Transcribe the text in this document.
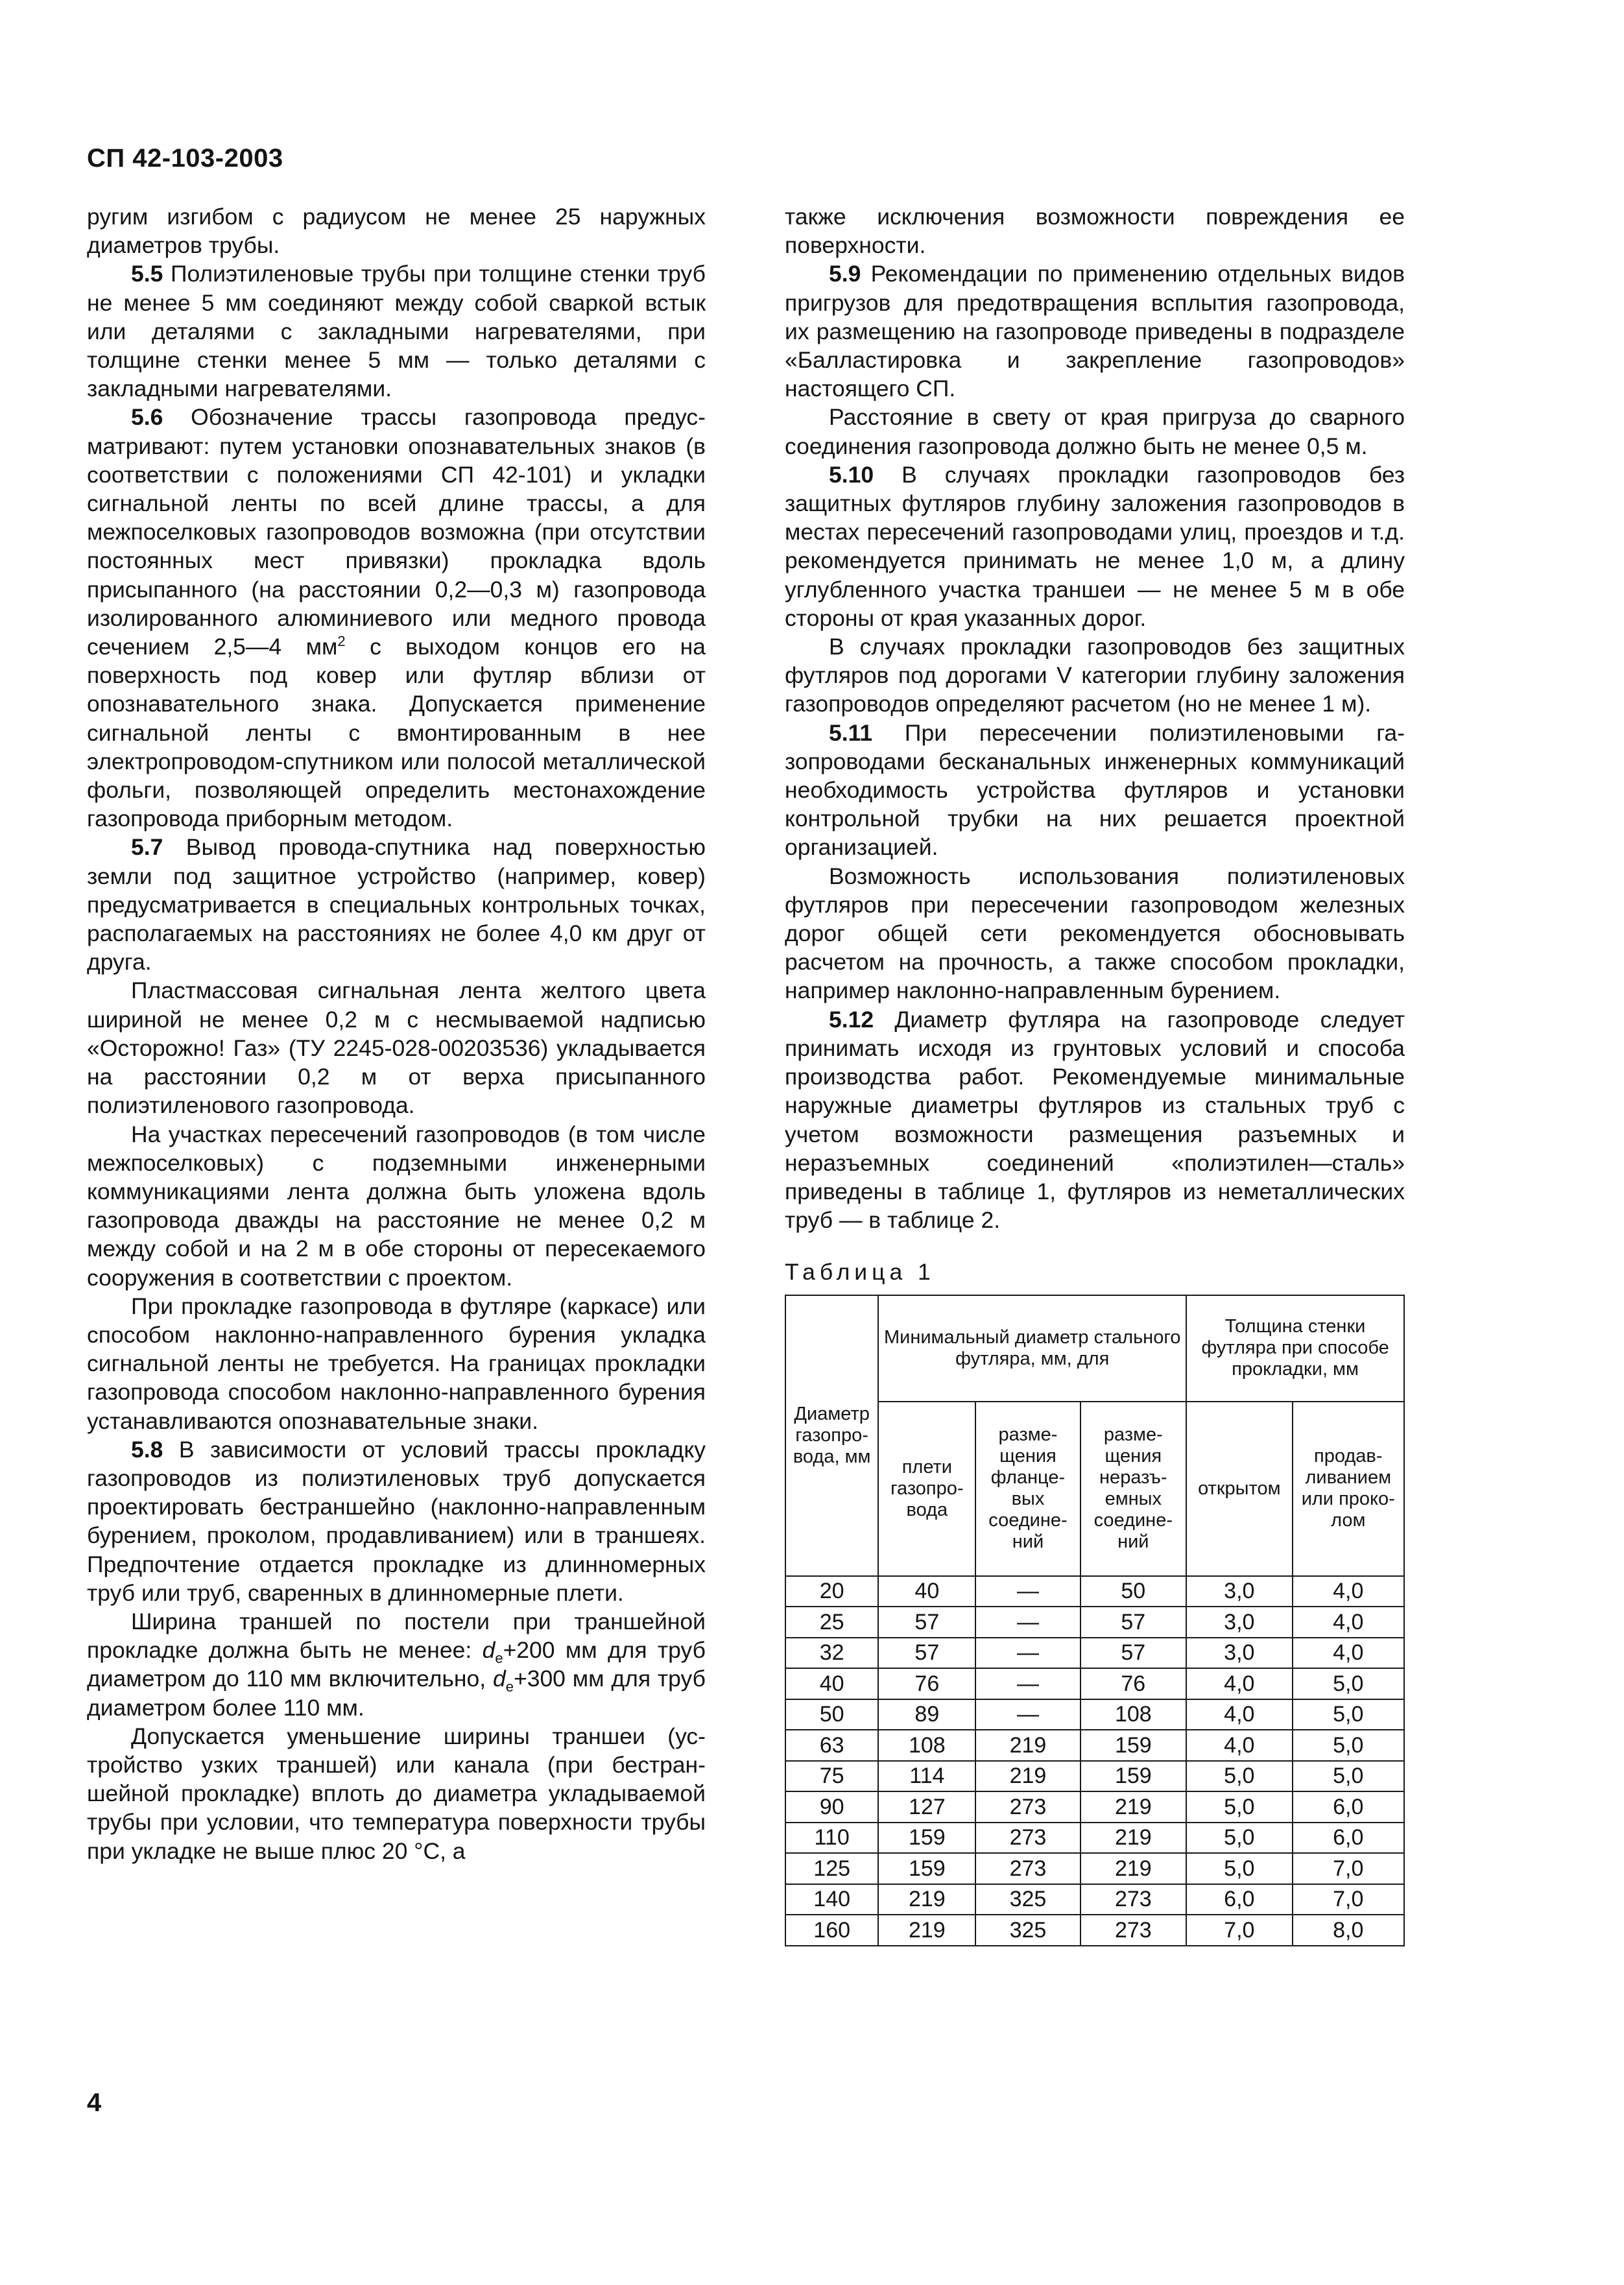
СП 42-103-2003

ругим изгибом с радиусом не менее 25 наружных диаметров трубы.

5.5 Полиэтиленовые трубы при толщине стенки труб не менее 5 мм соединяют между собой сваркой встык или деталями с закладными нагревателями, при толщине стенки менее 5 мм — только деталями с закладными нагревателями.

5.6 Обозначение трассы газопровода предусматривают: путем установки опознавательных знаков (в соответствии с положениями СП 42-101) и укладки сигнальной ленты по всей длине трассы, а для межпоселковых газопроводов возможна (при отсутствии постоянных мест привязки) прокладка вдоль присыпанного (на расстоянии 0,2—0,3 м) газопровода изолированного алюминиевого или медного провода сечением 2,5—4 $мм^2$ с выходом концов его на поверхность под ковер или футляр вблизи от опознавательного знака. Допускается применение сигнальной ленты с вмонтированным в нее электропроводом-спутником или полосой металлической фольги, позволяющей определить местонахождение газопровода приборным методом.

5.7 Вывод провода-спутника над поверхностью земли под защитное устройство (например, ковер) предусматривается в специальных контрольных точках, располагаемых на расстояниях не более 4,0 км друг от друга.

Пластмассовая сигнальная лента желтого цвета шириной не менее 0,2 м с несмываемой надписью «Осторожно! Газ» (ТУ 2245-028-00203536) укладывается на расстоянии 0,2 м от верха присыпанного полиэтиленового газопровода.

На участках пересечений газопроводов (в том числе межпоселковых) с подземными инженерными коммуникациями лента должна быть уложена вдоль газопровода дважды на расстояние не менее 0,2 м между собой и на 2 м в обе стороны от пересекаемого сооружения в соответствии с проектом.

При прокладке газопровода в футляре (каркасе) или способом наклонно-направленного бурения укладка сигнальной ленты не требуется. На границах прокладки газопровода способом наклонно-направленного бурения устанавливаются опознавательные знаки.

5.8 В зависимости от условий трассы прокладку газопроводов из полиэтиленовых труб допускается проектировать бестраншейно (наклонно-направленным бурением, проколом, продавливанием) или в траншеях. Предпочтение отдается прокладке из длинномерных труб или труб, сваренных в длинномерные плети.

Ширина траншей по постели при траншейной прокладке должна быть не менее: $d_e+200$ мм для труб диаметром до 110 мм включительно, $d_e+300$ мм для труб диаметром более 110 мм.

Допускается уменьшение ширины траншеи (устройство узких траншей) или канала (при бестраншейной прокладке) вплоть до диаметра укладываемой трубы при условии, что температура поверхности трубы при укладке не выше плюс 20 °С, а

также исключения возможности повреждения ее поверхности.

5.9 Рекомендации по применению отдельных видов пригрузов для предотвращения всплытия газопровода, их размещению на газопроводе приведены в подразделе «Балластировка и закрепление газопроводов» настоящего СП.

Расстояние в свету от края пригруза до сварного соединения газопровода должно быть не менее 0,5 м.

5.10 В случаях прокладки газопроводов без защитных футляров глубину заложения газопроводов в местах пересечений газопроводами улиц, проездов и т.д. рекомендуется принимать не менее 1,0 м, а длину углубленного участка траншеи — не менее 5 м в обе стороны от края указанных дорог.

В случаях прокладки газопроводов без защитных футляров под дорогами V категории глубину заложения газопроводов определяют расчетом (но не менее 1 м).

5.11 При пересечении полиэтиленовыми газопроводами бесканальных инженерных коммуникаций необходимость устройства футляров и установки контрольной трубки на них решается проектной организацией.

Возможность использования полиэтиленовых футляров при пересечении газопроводом железных дорог общей сети рекомендуется обосновывать расчетом на прочность, а также способом прокладки, например наклонно-направленным бурением.

5.12 Диаметр футляра на газопроводе следует принимать исходя из грунтовых условий и способа производства работ. Рекомендуемые минимальные наружные диаметры футляров из стальных труб с учетом возможности размещения разъемных и неразъемных соединений «полиэтилен—сталь» приведены в таблице 1, футляров из неметаллических труб — в таблице 2.

Таблица 1
Диаметр газопровода, мм	Минимальный диаметр стального футляра, мм, для			Толщина стенки футляра при способе прокладки, мм	
	плети газопровода	размещения фланцевых соединений	размещения неразъемных соединений	открытом	продавливанием или проколом
20	40	—	50	3,0	4,0
25	57	—	57	3,0	4,0
32	57	—	57	3,0	4,0
40	76	—	76	4,0	5,0
50	89	—	108	4,0	5,0
63	108	219	159	4,0	5,0
75	114	219	159	5,0	5,0
90	127	273	219	5,0	6,0
110	159	273	219	5,0	6,0
125	159	273	219	5,0	7,0
140	219	325	273	6,0	7,0
160	219	325	273	7,0	8,0
4
